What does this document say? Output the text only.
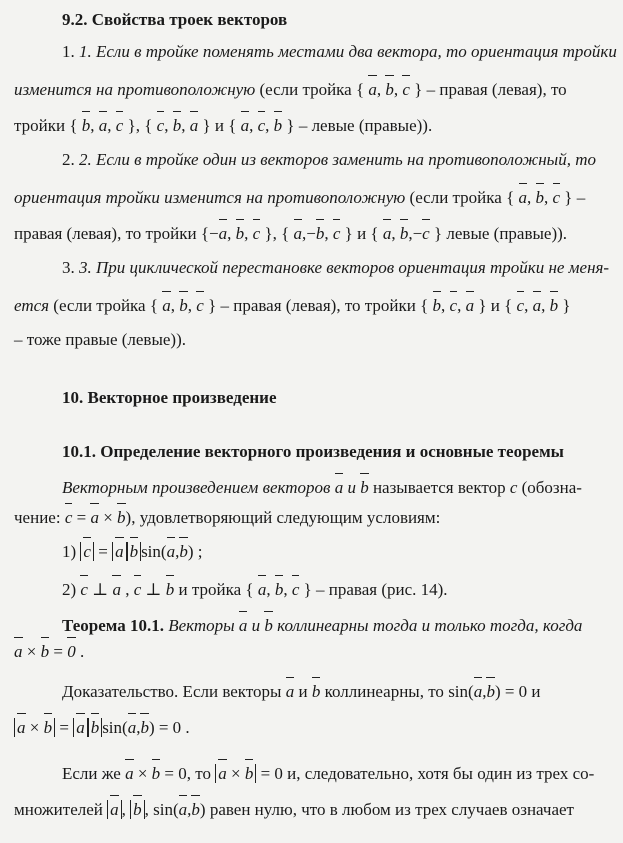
9.2. Свойства троек векторов
1. 1. Если в тройке поменять местами два вектора, то ориентация тройки
изменится на противоположную (если тройка { a, b, c } – правая (левая), то
тройки { b, a, c }, { c, b, a } и { a, c, b } – левые (правые)).
2. 2. Если в тройке один из векторов заменить на противоположный, то
ориентация тройки изменится на противоположную (если тройка { a, b, c } –
правая (левая), то тройки {−a, b, c }, { a,−b, c } и { a, b,−c } левые (правые)).
3. 3. При циклической перестановке векторов ориентация тройки не меня-
ется (если тройка { a, b, c } – правая (левая), то тройки { b, c, a } и { c, a, b }
– тоже правые (левые)).
10. Векторное произведение
10.1. Определение векторного произведения и основные теоремы
Векторным произведением векторов a и b называется вектор c (обозна-
чение: c = a × b), удовлетворяющий следующим условиям:
1) c = a b sin(a,b) ;
2) c ⊥ a , c ⊥ b и тройка { a, b, c } – правая (рис. 14).
Теорема 10.1. Векторы a и b коллинеарны тогда и только тогда, когда
a × b = 0 .
Доказательство. Если векторы a и b коллинеарны, то sin(a,b) = 0 и
a × b = a b sin(a,b) = 0 .
Если же a × b = 0, то a × b = 0 и, следовательно, хотя бы один из трех со-
множителей a , b , sin(a,b) равен нулю, что в любом из трех случаев означает
